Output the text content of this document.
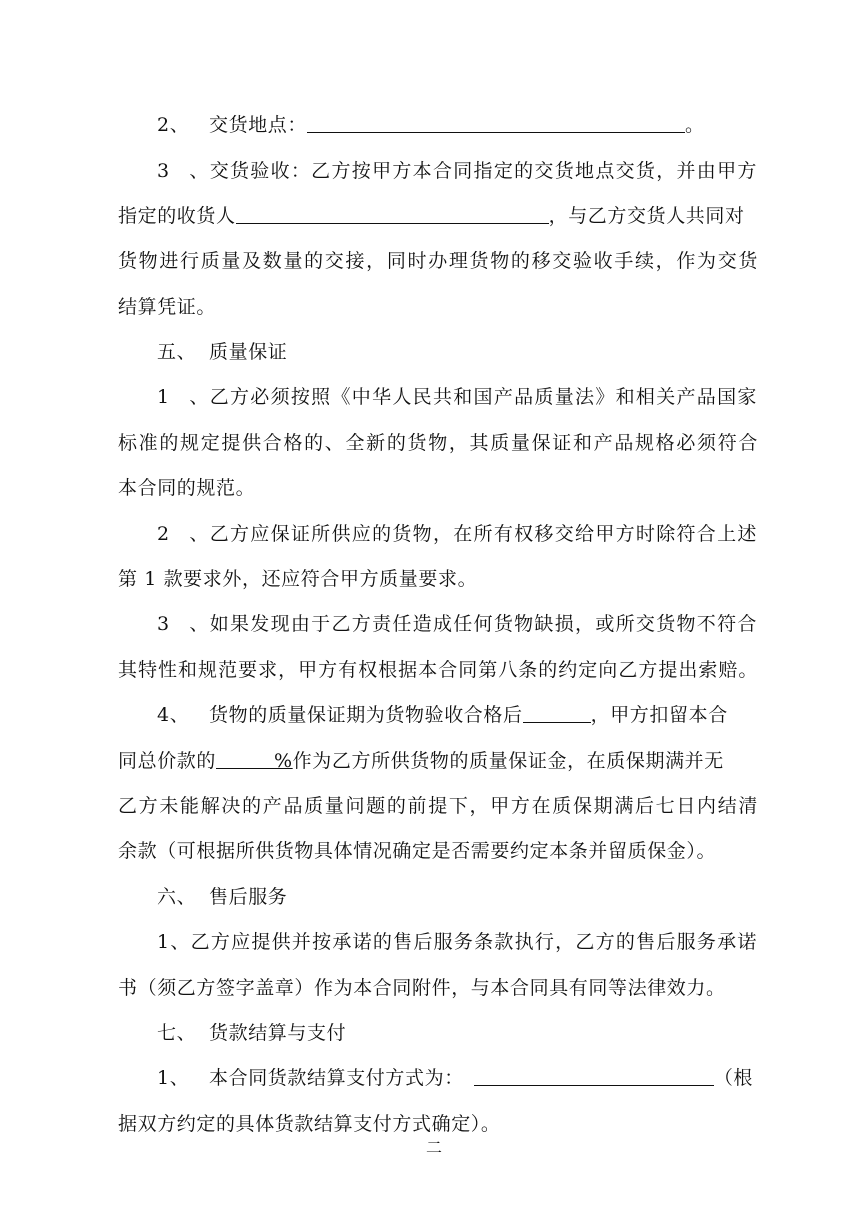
2、 交货地点：	。
3、交货验收：乙方按甲方本合同指定的交货地点交货，并由甲方
指定的收货人	，与乙方交货人共同对
货物进行质量及数量的交接，同时办理货物的移交验收手续，作为交货
结算凭证。
五、 质量保证
1、乙方必须按照《中华人民共和国产品质量法》和相关产品国家
标准的规定提供合格的、全新的货物，其质量保证和产品规格必须符合
本合同的规范。
2、乙方应保证所供应的货物，在所有权移交给甲方时除符合上述
第 1 款要求外，还应符合甲方质量要求。
3、如果发现由于乙方责任造成任何货物缺损，或所交货物不符合
其特性和规范要求，甲方有权根据本合同第八条的约定向乙方提出索赔。
4、 货物的质量保证期为货物验收合格后	，甲方扣留本合
同总价款的	%作为乙方所供货物的质量保证金，在质保期满并无
乙方未能解决的产品质量问题的前提下，甲方在质保期满后七日内结清
余款（可根据所供货物具体情况确定是否需要约定本条并留质保金）。
六、 售后服务
1、乙方应提供并按承诺的售后服务条款执行，乙方的售后服务承诺
书（须乙方签字盖章）作为本合同附件，与本合同具有同等法律效力。
七、 货款结算与支付
1、 本合同货款结算支付方式为：	（根
据双方约定的具体货款结算支付方式确定）。
二
